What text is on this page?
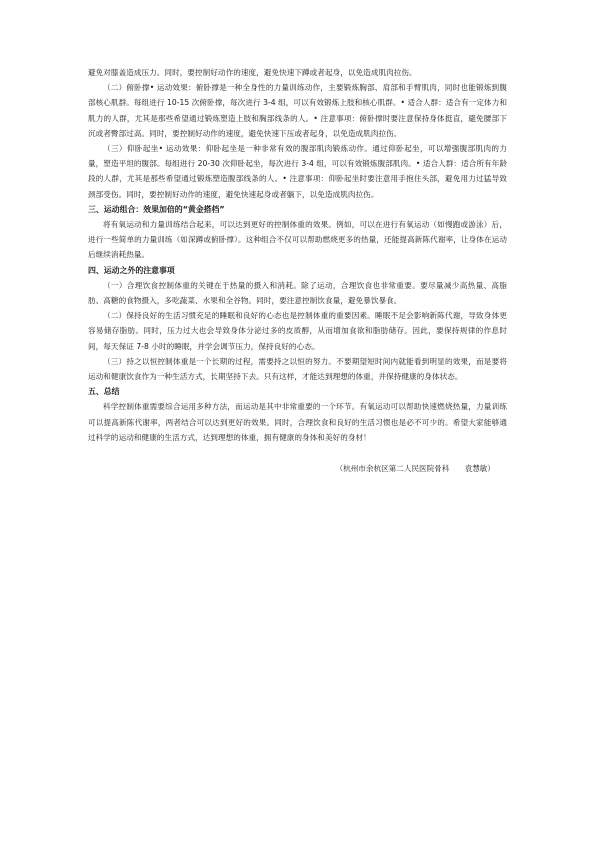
避免对膝盖造成压力。同时，要控制好动作的速度，避免快速下蹲或者起身，以免造成肌肉拉伤。

（二）俯卧撑• 运动效果：俯卧撑是一种全身性的力量训练动作，主要锻炼胸部、肩部和手臂肌肉，同时也能锻炼到腹部核心肌群。每组进行 10-15 次俯卧撑，每次进行 3-4 组，可以有效锻炼上肢和核心肌群。• 适合人群：适合有一定体力和肌力的人群，尤其是那些希望通过锻炼塑造上肢和胸部线条的人。• 注意事项：俯卧撑时要注意保持身体挺直，避免腰部下沉或者臀部过高。同时，要控制好动作的速度，避免快速下压或者起身，以免造成肌肉拉伤。

（三）仰卧起坐• 运动效果：仰卧起坐是一种非常有效的腹部肌肉锻炼动作。通过仰卧起坐，可以增强腹部肌肉的力量，塑造平坦的腹部。每组进行 20-30 次仰卧起坐，每次进行 3-4 组，可以有效锻炼腹部肌肉。• 适合人群：适合所有年龄段的人群，尤其是那些希望通过锻炼塑造腹部线条的人。• 注意事项：仰卧起坐时要注意用手抱住头部，避免用力过猛导致颈部受伤。同时，要控制好动作的速度，避免快速起身或者躺下，以免造成肌肉拉伤。

三、运动组合：效果加倍的“黄金搭档”

将有氧运动和力量训练结合起来，可以达到更好的控制体重的效果。例如，可以在进行有氧运动（如慢跑或游泳）后，进行一些简单的力量训练（如深蹲或俯卧撑）。这种组合不仅可以帮助燃烧更多的热量，还能提高新陈代谢率，让身体在运动后继续消耗热量。

四、运动之外的注意事项

（一）合理饮食控制体重的关键在于热量的摄入和消耗。除了运动，合理饮食也非常重要。要尽量减少高热量、高脂肪、高糖的食物摄入，多吃蔬菜、水果和全谷物。同时，要注意控制饮食量，避免暴饮暴食。

（二）保持良好的生活习惯充足的睡眠和良好的心态也是控制体重的重要因素。睡眠不足会影响新陈代谢，导致身体更容易储存脂肪。同时，压力过大也会导致身体分泌过多的皮质醇，从而增加食欲和脂肪储存。因此，要保持规律的作息时间，每天保证 7-8 小时的睡眠，并学会调节压力，保持良好的心态。

（三）持之以恒控制体重是一个长期的过程，需要持之以恒的努力。不要期望短时间内就能看到明显的效果，而是要将运动和健康饮食作为一种生活方式，长期坚持下去。只有这样，才能达到理想的体重，并保持健康的身体状态。

五、总结

科学控制体重需要综合运用多种方法，而运动是其中非常重要的一个环节。有氧运动可以帮助快速燃烧热量，力量训练可以提高新陈代谢率，两者结合可以达到更好的效果。同时，合理饮食和良好的生活习惯也是必不可少的。希望大家能够通过科学的运动和健康的生活方式，达到理想的体重，拥有健康的身体和美好的身材！

（杭州市余杭区第二人民医院骨科　　袁慧敏）
